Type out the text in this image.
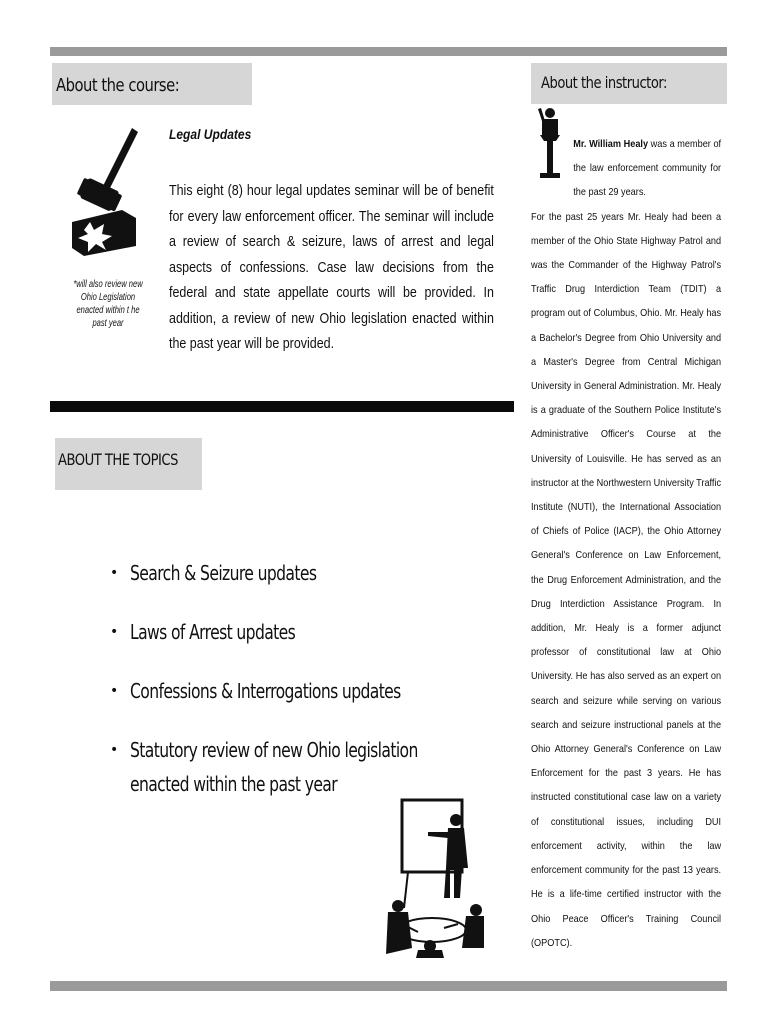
About the course:
*will also review new Ohio Legislation enacted within t he past year
Legal Updates
This eight (8) hour legal updates seminar will be of benefit for every law enforcement officer. The seminar will include a review of search & seizure, laws of arrest and legal aspects of confessions. Case law decisions from the federal and state appellate courts will be provided. In addition, a review of new Ohio legislation enacted within the past year will be provided.
ABOUT THE TOPICS
• Search & Seizure updates
• Laws of Arrest updates
• Confessions & Interrogations updates
• Statutory review of new Ohio legislation enacted within the past year
About the instructor:
Mr. William Healy was a member of the law enforcement community for the past 29 years.
For the past 25 years Mr. Healy had been a member of the Ohio State Highway Patrol and was the Commander of the Highway Patrol's Traffic Drug Interdiction Team (TDIT) a program out of Columbus, Ohio. Mr. Healy has a Bachelor's Degree from Ohio University and a Master's Degree from Central Michigan University in General Administration. Mr. Healy is a graduate of the Southern Police Institute's Administrative Officer's Course at the University of Louisville. He has served as an instructor at the Northwestern University Traffic Institute (NUTI), the International Association of Chiefs of Police (IACP), the Ohio Attorney General's Conference on Law Enforcement, the Drug Enforcement Administration, and the Drug Interdiction Assistance Program. In addition, Mr. Healy is a former adjunct professor of constitutional law at Ohio University. He has also served as an expert on search and seizure while serving on various search and seizure instructional panels at the Ohio Attorney General's Conference on Law Enforcement for the past 3 years. He has instructed constitutional case law on a variety of constitutional issues, including DUI enforcement activity, within the law enforcement community for the past 13 years. He is a life-time certified instructor with the Ohio Peace Officer's Training Council (OPOTC).
